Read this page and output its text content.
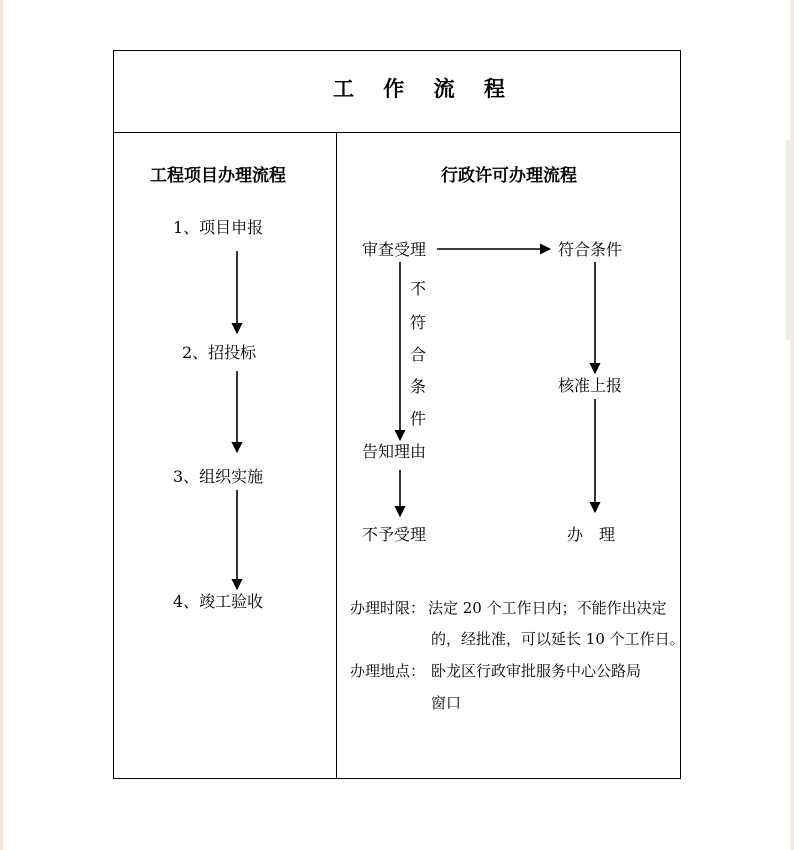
工 作 流 程
工程项目办理流程
1、项目申报
2、招投标
3、组织实施
4、竣工验收
行政许可办理流程
审查受理	符合条件
不
符
合
条
件
告知理由
不予受理
核准上报
办　理
办理时限： 法定 20 个工作日内；不能作出决定
的，经批准，可以延长 10 个工作日。
办理地点： 卧龙区行政审批服务中心公路局
窗口
